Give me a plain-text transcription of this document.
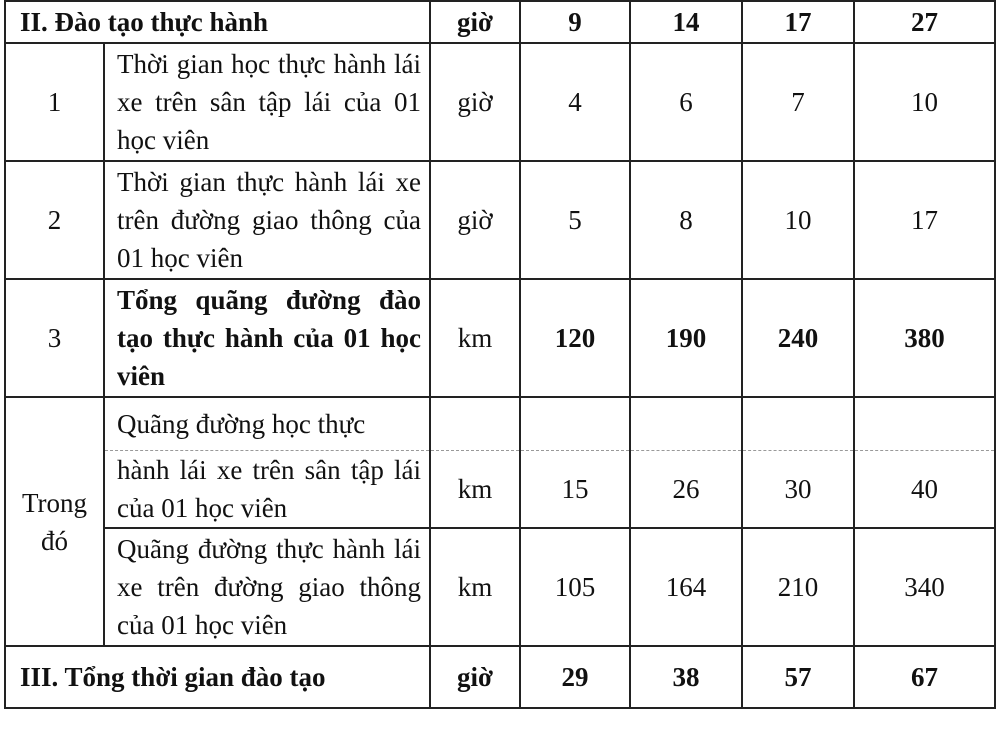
II. Đào tạo thực hành		giờ	9	14	17	27
1	Thời gian học thực hành lái xe trên sân tập lái của 01 học viên	giờ	4	6	7	10
2	Thời gian thực hành lái xe trên đường giao thông của 01 học viên	giờ	5	8	10	17
3	Tổng quãng đường đào tạo thực hành của 01 học viên	km	120	190	240	380
Trong đó	Quãng đường học thực					
	hành lái xe trên sân tập lái của 01 học viên	km	15	26	30	40
	Quãng đường thực hành lái xe trên đường giao thông của 01 học viên	km	105	164	210	340
III. Tổng thời gian đào tạo		giờ	29	38	57	67
